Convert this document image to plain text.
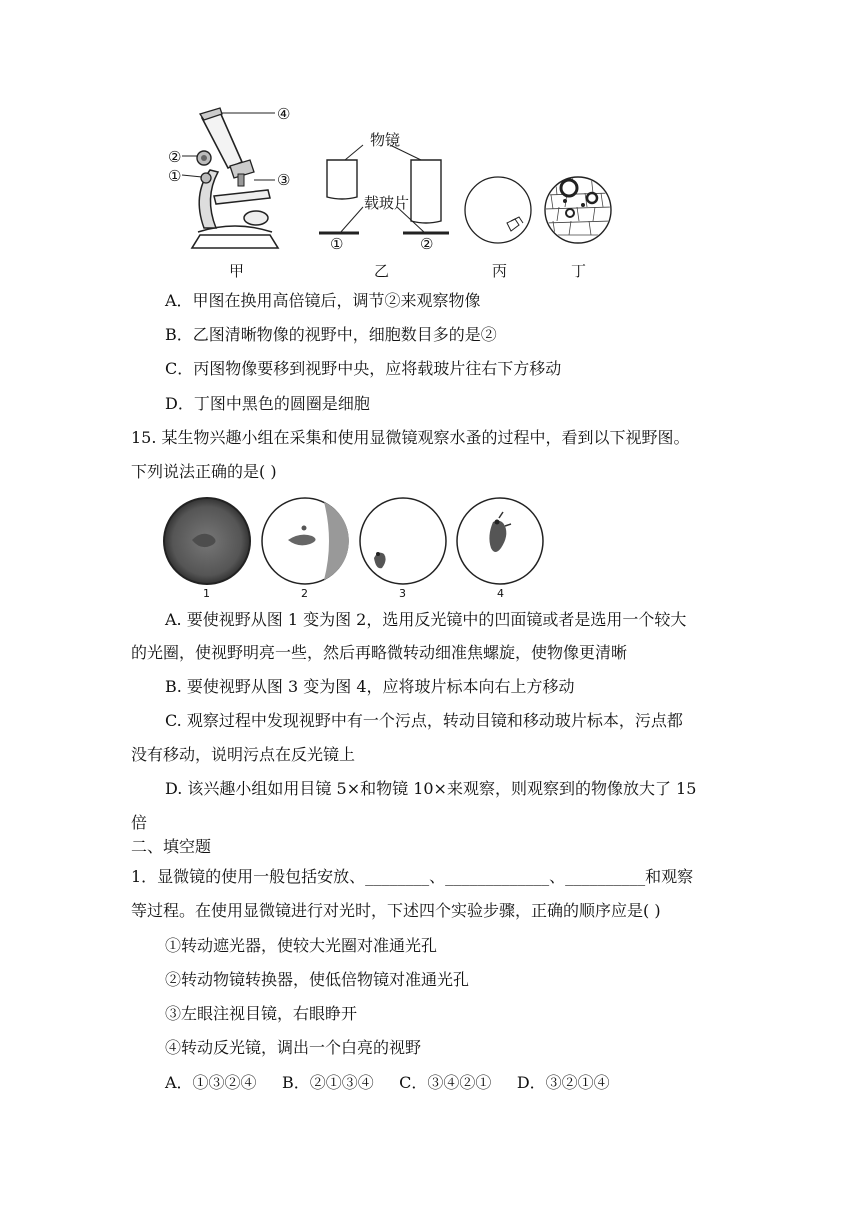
④
②
①	③
甲
物镜
载玻片
①	②
乙	丙	丁
A．甲图在换用高倍镜后，调节②来观察物像
B．乙图清晰物像的视野中，细胞数目多的是②
C．丙图物像要移到视野中央，应将载玻片往右下方移动
D．丁图中黑色的圆圈是细胞
15. 某生物兴趣小组在采集和使用显微镜观察水蚤的过程中，看到以下视野图。
下列说法正确的是( )
1	2	3	4
A. 要使视野从图 1 变为图 2，选用反光镜中的凹面镜或者是选用一个较大
的光圈，使视野明亮一些，然后再略微转动细准焦螺旋，使物像更清晰
B. 要使视野从图 3 变为图 4，应将玻片标本向右上方移动
C. 观察过程中发现视野中有一个污点，转动目镜和移动玻片标本，污点都
没有移动，说明污点在反光镜上
D. 该兴趣小组如用目镜 5×和物镜 10×来观察，则观察到的物像放大了 15
倍
二、填空题
1．显微镜的使用一般包括安放、________、_____________、__________和观察
等过程。在使用显微镜进行对光时，下述四个实验步骤，正确的顺序应是( )
①转动遮光器，使较大光圈对准通光孔
②转动物镜转换器，使低倍物镜对准通光孔
③左眼注视目镜，右眼睁开
④转动反光镜，调出一个白亮的视野
A．①③②④     B．②①③④     C．③④②①     D．③②①④
